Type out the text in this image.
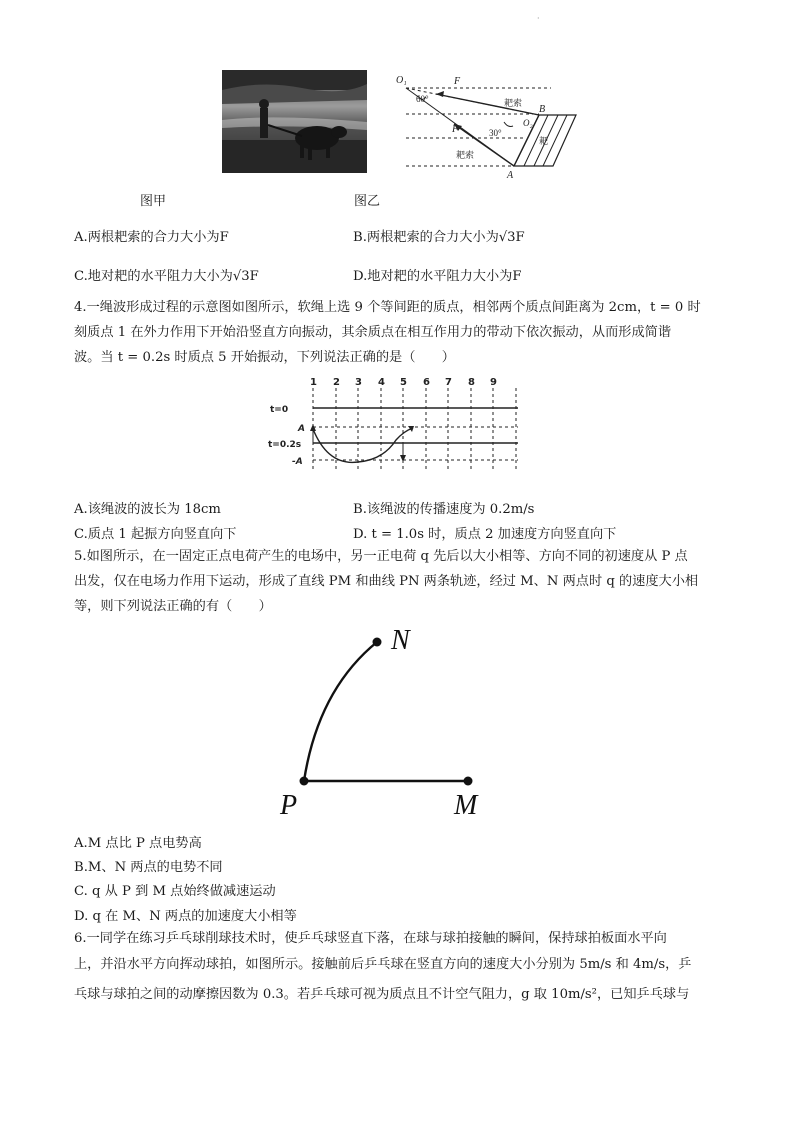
·
O₁	F
60°	耙索 B
O₂
F	30°
耙
耙索
A
图甲	图乙
A.两根耙索的合力大小为F	B.两根耙索的合力大小为√3F
C.地对耙的水平阻力大小为√3F	D.地对耙的水平阻力大小为F
4.一绳波形成过程的示意图如图所示，软绳上选 9 个等间距的质点，相邻两个质点间距离为 2cm，t = 0 时
刻质点 1 在外力作用下开始沿竖直方向振动，其余质点在相互作用力的带动下依次振动，从而形成简谐
波。当 t = 0.2s 时质点 5 开始振动，下列说法正确的是（　　）
1 2 3 4 5 6 7 8 9
t=0
A
t=0.2s
-A
A.该绳波的波长为 18cm	B.该绳波的传播速度为 0.2m/s
C.质点 1 起振方向竖直向下	D. t = 1.0s 时，质点 2 加速度方向竖直向下
5.如图所示，在一固定正点电荷产生的电场中，另一正电荷 q 先后以大小相等、方向不同的初速度从 P 点
出发，仅在电场力作用下运动，形成了直线 PM 和曲线 PN 两条轨迹，经过 M、N 两点时 q 的速度大小相
等，则下列说法正确的有（　　）
N
P	M
A.M 点比 P 点电势高
B.M、N 两点的电势不同
C. q 从 P 到 M 点始终做减速运动
D. q 在 M、N 两点的加速度大小相等
6.一同学在练习乒乓球削球技术时，使乒乓球竖直下落，在球与球拍接触的瞬间，保持球拍板面水平向
上，并沿水平方向挥动球拍，如图所示。接触前后乒乓球在竖直方向的速度大小分别为 5m/s 和 4m/s，乒
乓球与球拍之间的动摩擦因数为 0.3。若乒乓球可视为质点且不计空气阻力，g 取 10m/s²，已知乒乓球与
